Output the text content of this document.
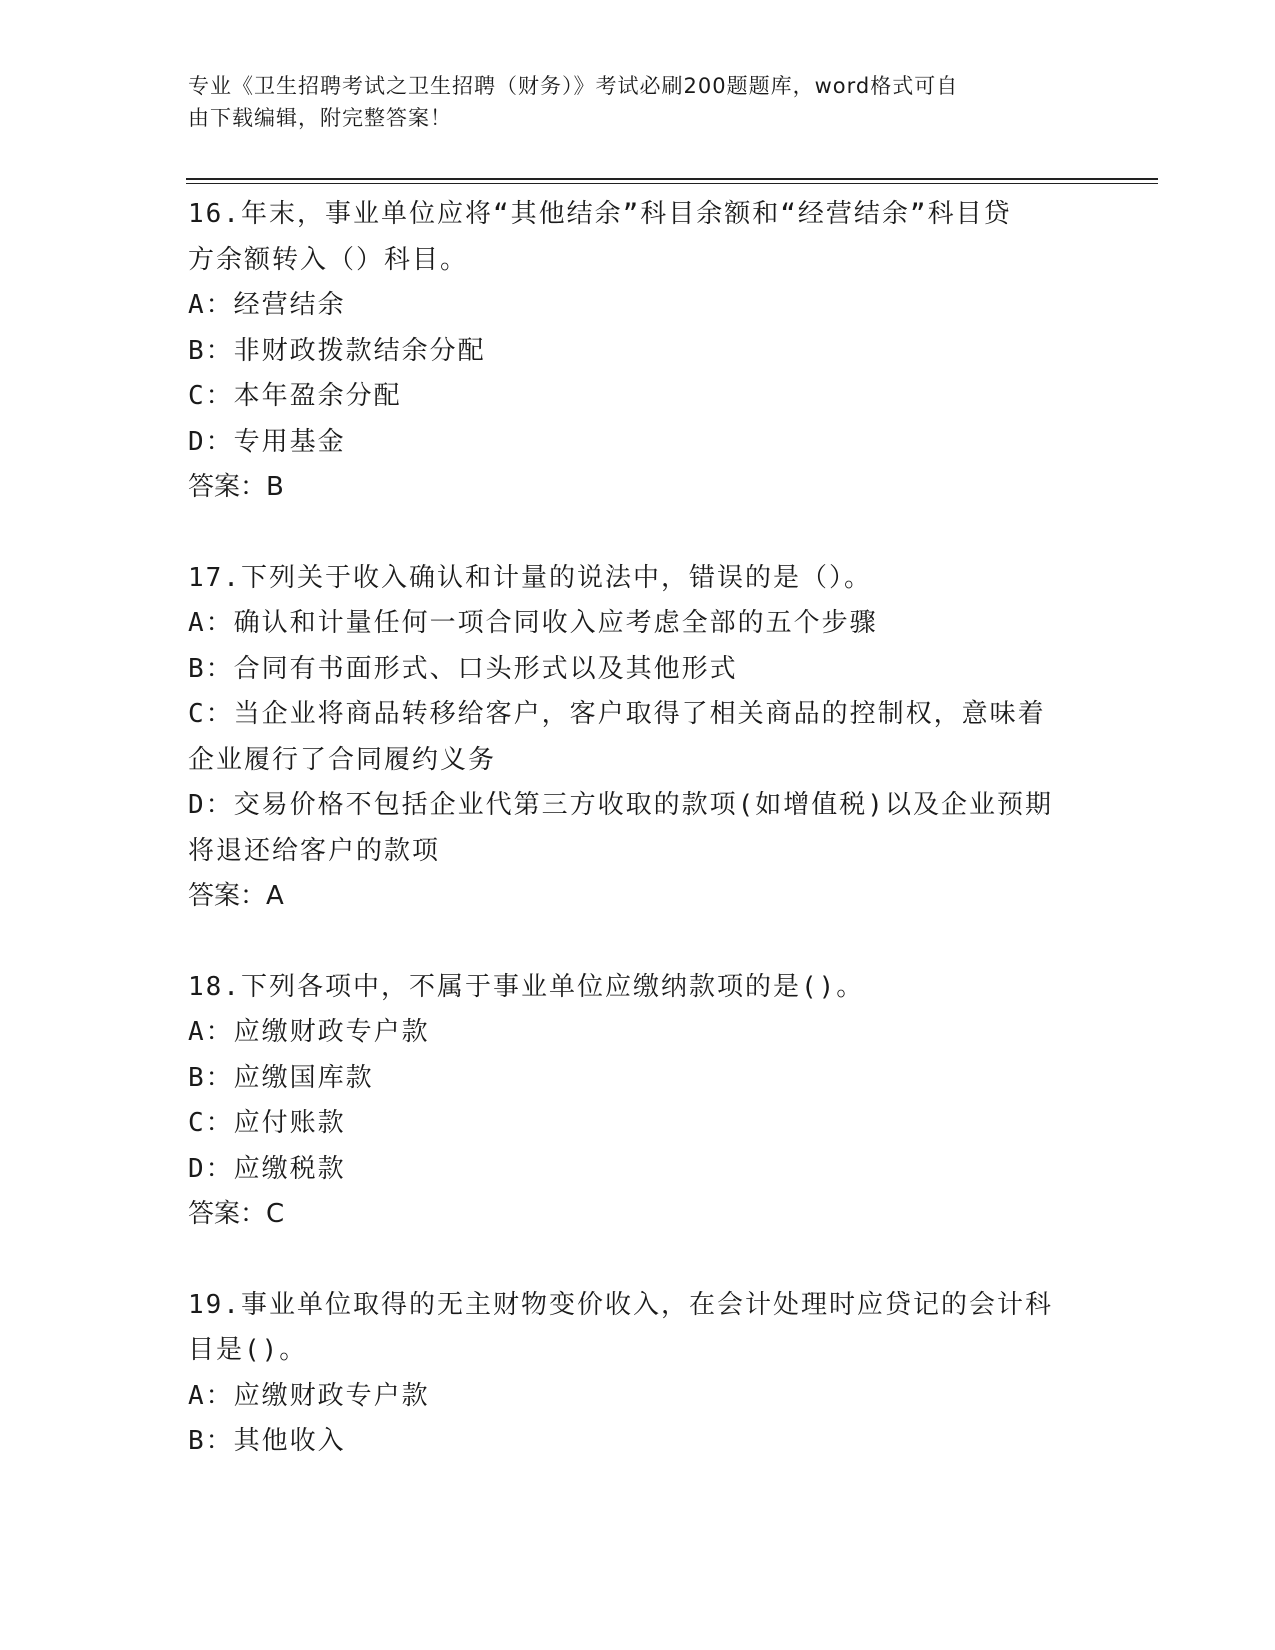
专业《卫生招聘考试之卫生招聘（财务）》考试必刷200题题库，word格式可自
由下载编辑，附完整答案！
16.年末，事业单位应将“其他结余”科目余额和“经营结余”科目贷
方余额转入（）科目。
A：经营结余
B：非财政拨款结余分配
C：本年盈余分配
D：专用基金
答案：B
17.下列关于收入确认和计量的说法中，错误的是（）。
A：确认和计量任何一项合同收入应考虑全部的五个步骤
B：合同有书面形式、口头形式以及其他形式
C：当企业将商品转移给客户，客户取得了相关商品的控制权，意味着
企业履行了合同履约义务
D：交易价格不包括企业代第三方收取的款项(如增值税)以及企业预期
将退还给客户的款项
答案：A
18.下列各项中，不属于事业单位应缴纳款项的是()。
A：应缴财政专户款
B：应缴国库款
C：应付账款
D：应缴税款
答案：C
19.事业单位取得的无主财物变价收入，在会计处理时应贷记的会计科
目是()。
A：应缴财政专户款
B：其他收入
